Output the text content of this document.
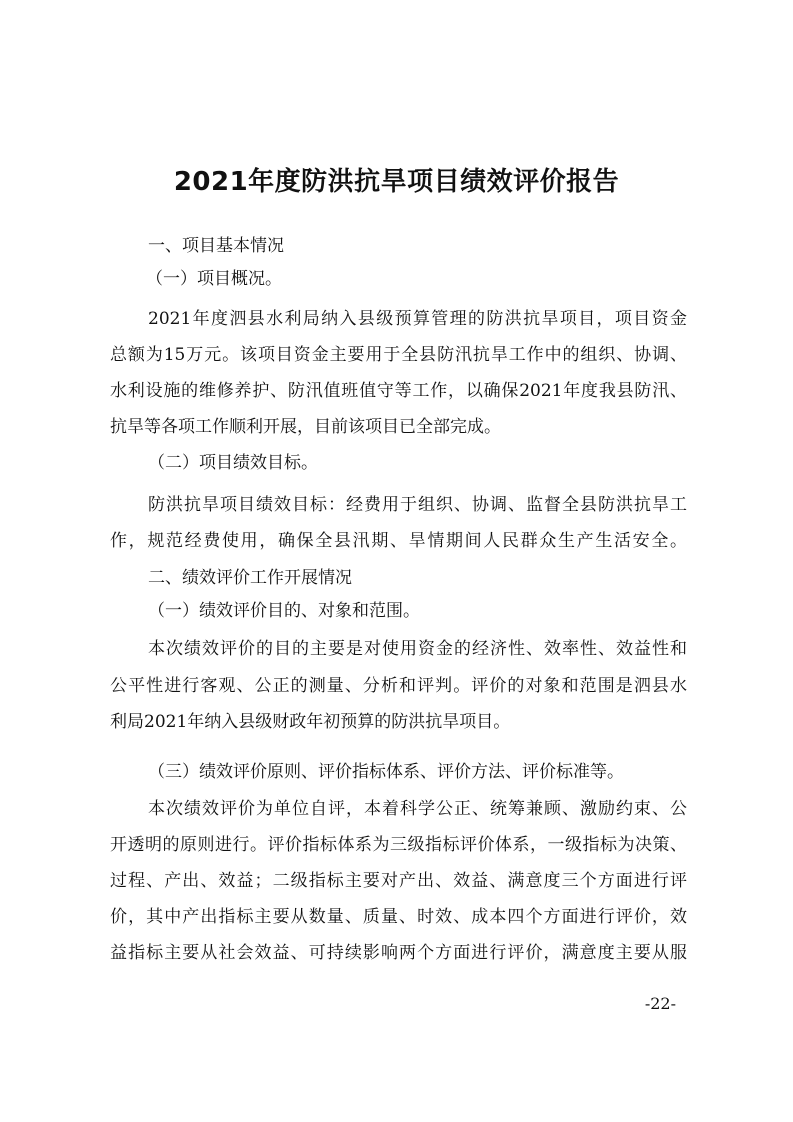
2021年度防洪抗旱项目绩效评价报告
一、项目基本情况
（一）项目概况。
2021年度泗县水利局纳入县级预算管理的防洪抗旱项目，项目资金
总额为15万元。该项目资金主要用于全县防汛抗旱工作中的组织、协调、
水利设施的维修养护、防汛值班值守等工作，以确保2021年度我县防汛、
抗旱等各项工作顺利开展，目前该项目已全部完成。
（二）项目绩效目标。
防洪抗旱项目绩效目标：经费用于组织、协调、监督全县防洪抗旱工
作，规范经费使用，确保全县汛期、旱情期间人民群众生产生活安全。
二、绩效评价工作开展情况
（一）绩效评价目的、对象和范围。
本次绩效评价的目的主要是对使用资金的经济性、效率性、效益性和
公平性进行客观、公正的测量、分析和评判。评价的对象和范围是泗县水
利局2021年纳入县级财政年初预算的防洪抗旱项目。
（三）绩效评价原则、评价指标体系、评价方法、评价标准等。
本次绩效评价为单位自评，本着科学公正、统筹兼顾、激励约束、公
开透明的原则进行。评价指标体系为三级指标评价体系，一级指标为决策、
过程、产出、效益；二级指标主要对产出、效益、满意度三个方面进行评
价，其中产出指标主要从数量、质量、时效、成本四个方面进行评价，效
益指标主要从社会效益、可持续影响两个方面进行评价，满意度主要从服
-22-
